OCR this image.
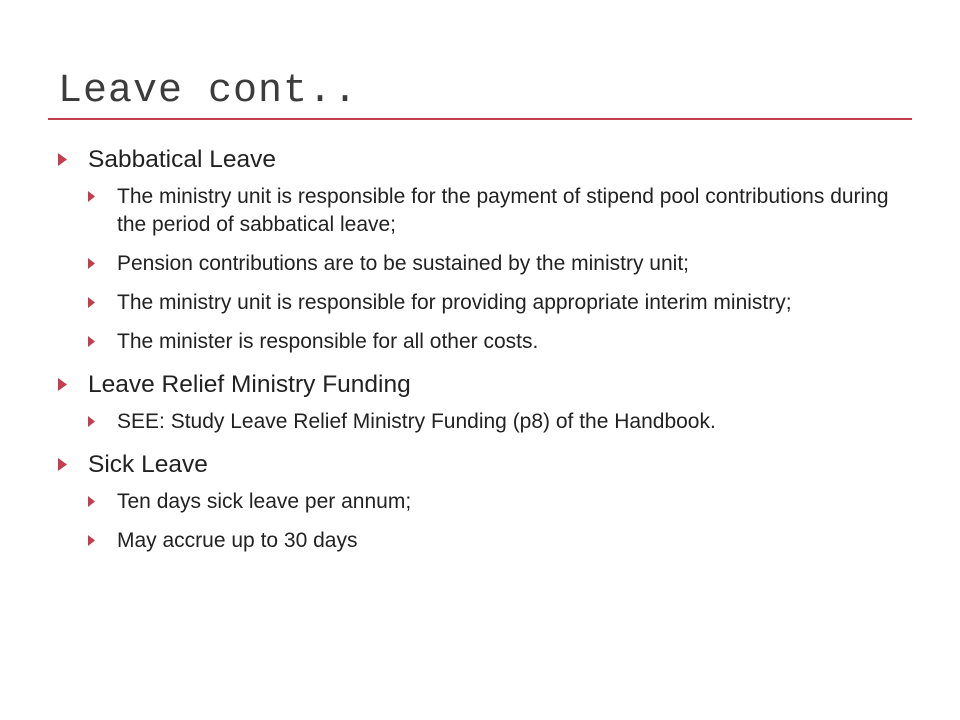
Leave cont..
Sabbatical Leave
The ministry unit is responsible for the payment of stipend pool contributions during the period of sabbatical leave;
Pension contributions are to be sustained by the ministry unit;
The ministry unit is responsible for providing appropriate interim ministry;
The minister is responsible for all other costs.
Leave Relief Ministry Funding
SEE: Study Leave Relief Ministry Funding (p8) of the Handbook.
Sick Leave
Ten days sick leave per annum;
May accrue up to 30 days
